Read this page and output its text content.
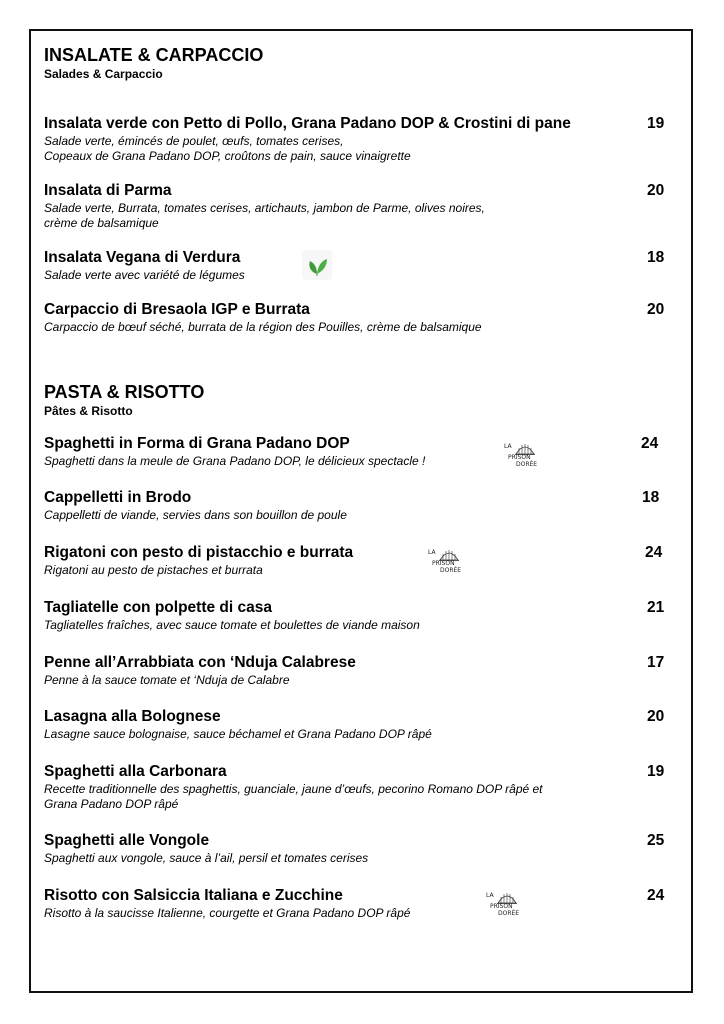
INSALATE & CARPACCIO
Salades & Carpaccio
Insalata verde con Petto di Pollo, Grana Padano DOP & Crostini di pane
Salade verte, émincés de poulet, œufs, tomates cerises,
Copeaux de Grana Padano DOP, croûtons de pain, sauce vinaigrette
19
Insalata di Parma
Salade verte, Burrata, tomates cerises, artichauts, jambon de Parme, olives noires,
crème de balsamique
20
Insalata Vegana di Verdura
Salade verte avec variété de légumes
18
Carpaccio di Bresaola IGP e Burrata
Carpaccio de bœuf séché, burrata de la région des Pouilles, crème de balsamique
20
PASTA & RISOTTO
Pâtes & Risotto
Spaghetti in Forma di Grana Padano DOP
Spaghetti dans la meule de Grana Padano DOP, le délicieux spectacle !
LA
PRISON
DORÉE
24
Cappelletti in Brodo
Cappelletti de viande, servies dans son bouillon de poule
18
Rigatoni con pesto di pistacchio e burrata
Rigatoni au pesto de pistaches et burrata
LA
PRISON
DORÉE
24
Tagliatelle con polpette di casa
Tagliatelles fraîches, avec sauce tomate et boulettes de viande maison
21
Penne all’Arrabbiata con ‘Nduja Calabrese
Penne à la sauce tomate et ‘Nduja de Calabre
17
Lasagna alla Bolognese
Lasagne sauce bolognaise, sauce béchamel et Grana Padano DOP râpé
20
Spaghetti alla Carbonara
Recette traditionnelle des spaghettis, guanciale, jaune d’œufs, pecorino Romano DOP râpé et
Grana Padano DOP râpé
19
Spaghetti alle Vongole
Spaghetti aux vongole, sauce à l’ail, persil et tomates cerises
25
Risotto con Salsiccia Italiana e Zucchine
Risotto à la saucisse Italienne, courgette et Grana Padano DOP râpé
LA
PRISON
DORÉE
24
